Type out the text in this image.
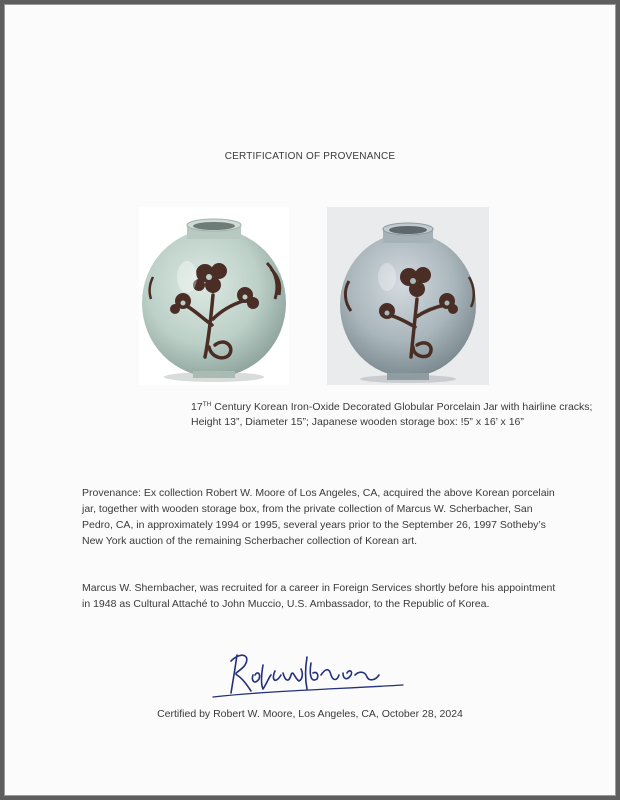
CERTIFICATION OF PROVENANCE
17TH Century Korean Iron-Oxide Decorated Globular Porcelain Jar with hairline cracks;
Height 13”, Diameter 15”; Japanese wooden storage box: !5” x 16’ x 16”
Provenance: Ex collection Robert W. Moore of Los Angeles, CA, acquired the above Korean porcelain jar, together with wooden storage box, from the private collection of Marcus W. Scherbacher, San Pedro, CA, in approximately 1994 or 1995, several years prior to the September 26, 1997 Sotheby’s New York auction of the remaining Scherbacher collection of Korean art.
Marcus W. Shernbacher, was recruited for a career in Foreign Services shortly before his appointment in 1948 as Cultural Attaché to John Muccio, U.S. Ambassador, to the Republic of Korea.
Certified by Robert W. Moore, Los Angeles, CA, October 28, 2024
